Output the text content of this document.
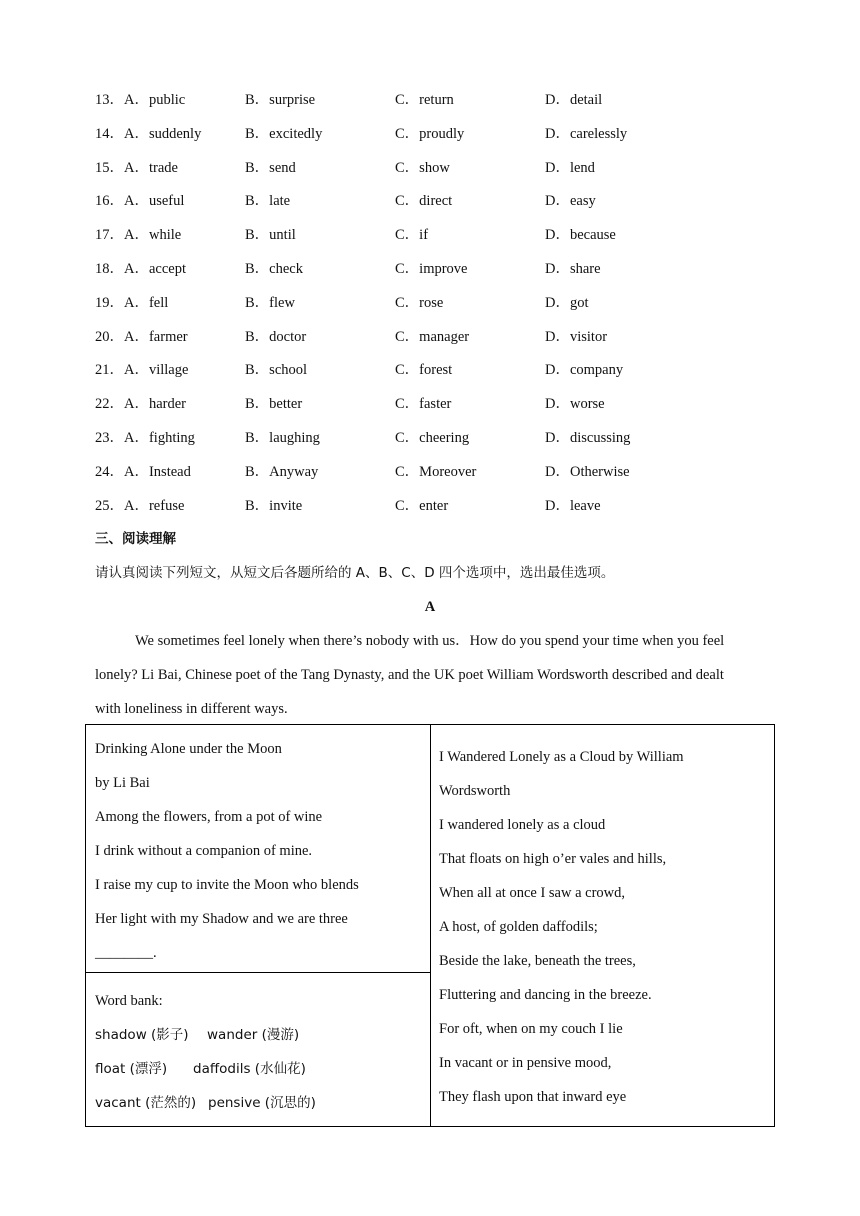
13．A．public	B．surprise	C．return	D．detail
14．A．suddenly	B．excitedly	C．proudly	D．carelessly
15．A．trade	B．send	C．show	D．lend
16．A．useful	B．late	C．direct	D．easy
17．A．while	B．until	C．if	D．because
18．A．accept	B．check	C．improve	D．share
19．A．fell	B．flew	C．rose	D．got
20．A．farmer	B．doctor	C．manager	D．visitor
21．A．village	B．school	C．forest	D．company
22．A．harder	B．better	C．faster	D．worse
23．A．fighting	B．laughing	C．cheering	D．discussing
24．A．Instead	B．Anyway	C．Moreover	D．Otherwise
25．A．refuse	B．invite	C．enter	D．leave
三、阅读理解
请认真阅读下列短文，从短文后各题所给的 A、B、C、D 四个选项中，选出最佳选项。
A
We sometimes feel lonely when there’s nobody with us．How do you spend your time when you feel
lonely? Li Bai, Chinese poet of the Tang Dynasty, and the UK poet William Wordsworth described and dealt
with loneliness in different ways.
Drinking Alone under the Moon
by Li Bai
Among the flowers, from a pot of wine
I drink without a companion of mine.
I raise my cup to invite the Moon who blends
Her light with my Shadow and we are three
________.
Word bank:
shadow (影子) wander (漫游)
float (漂浮) daffodils (水仙花)
vacant (茫然的) pensive (沉思的)
I Wandered Lonely as a Cloud by William
Wordsworth
I wandered lonely as a cloud
That floats on high o’er vales and hills,
When all at once I saw a crowd,
A host, of golden daffodils;
Beside the lake, beneath the trees,
Fluttering and dancing in the breeze.
For oft, when on my couch I lie
In vacant or in pensive mood,
They flash upon that inward eye
